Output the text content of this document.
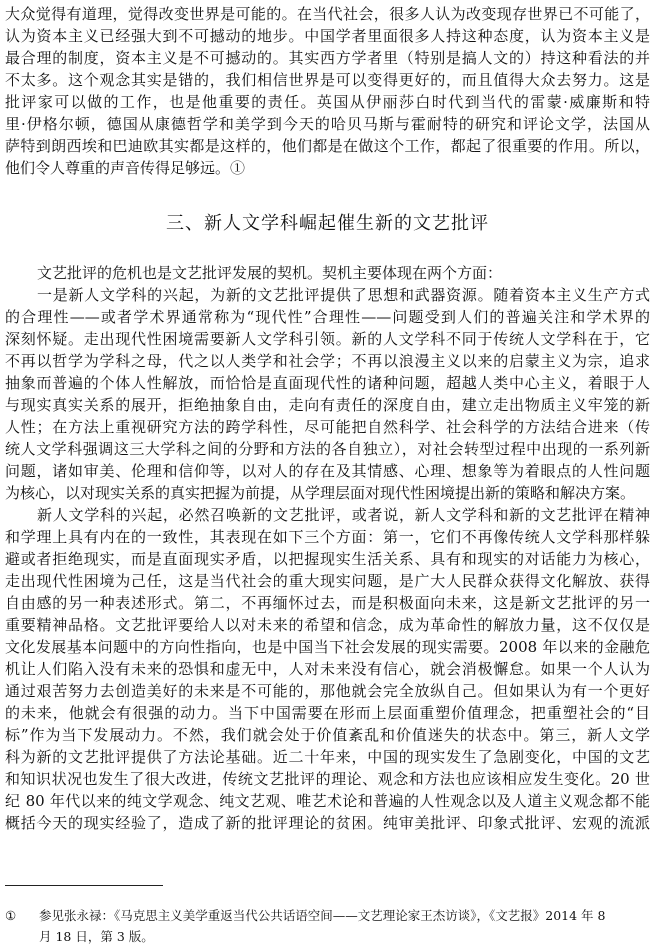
大众觉得有道理，觉得改变世界是可能的。在当代社会，很多人认为改变现存世界已不可能了，
认为资本主义已经强大到不可撼动的地步。中国学者里面很多人持这种态度，认为资本主义是
最合理的制度，资本主义是不可撼动的。其实西方学者里（特别是搞人文的）持这种看法的并
不太多。这个观念其实是错的，我们相信世界是可以变得更好的，而且值得大众去努力。这是
批评家可以做的工作，也是他重要的责任。英国从伊丽莎白时代到当代的雷蒙·威廉斯和特
里·伊格尔顿，德国从康德哲学和美学到今天的哈贝马斯与霍耐特的研究和评论文学，法国从
萨特到朗西埃和巴迪欧其实都是这样的，他们都是在做这个工作，都起了很重要的作用。所以，
他们令人尊重的声音传得足够远。①
三、新人文学科崛起催生新的文艺批评
文艺批评的危机也是文艺批评发展的契机。契机主要体现在两个方面：
一是新人文学科的兴起，为新的文艺批评提供了思想和武器资源。随着资本主义生产方式
的合理性——或者学术界通常称为“现代性”合理性——问题受到人们的普遍关注和学术界的
深刻怀疑。走出现代性困境需要新人文学科引领。新的人文学科不同于传统人文学科在于，它
不再以哲学为学科之母，代之以人类学和社会学；不再以浪漫主义以来的启蒙主义为宗，追求
抽象而普遍的个体人性解放，而恰恰是直面现代性的诸种问题，超越人类中心主义，着眼于人
与现实真实关系的展开，拒绝抽象自由，走向有责任的深度自由，建立走出物质主义牢笼的新
人性；在方法上重视研究方法的跨学科性，尽可能把自然科学、社会科学的方法结合进来（传
统人文学科强调这三大学科之间的分野和方法的各自独立），对社会转型过程中出现的一系列新
问题，诸如审美、伦理和信仰等，以对人的存在及其情感、心理、想象等为着眼点的人性问题
为核心，以对现实关系的真实把握为前提，从学理层面对现代性困境提出新的策略和解决方案。
新人文学科的兴起，必然召唤新的文艺批评，或者说，新人文学科和新的文艺批评在精神
和学理上具有内在的一致性，其表现在如下三个方面：第一，它们不再像传统人文学科那样躲
避或者拒绝现实，而是直面现实矛盾，以把握现实生活关系、具有和现实的对话能力为核心，
走出现代性困境为己任，这是当代社会的重大现实问题，是广大人民群众获得文化解放、获得
自由感的另一种表述形式。第二，不再缅怀过去，而是积极面向未来，这是新文艺批评的另一
重要精神品格。文艺批评要给人以对未来的希望和信念，成为革命性的解放力量，这不仅仅是
文化发展基本问题中的方向性指向，也是中国当下社会发展的现实需要。2008 年以来的金融危
机让人们陷入没有未来的恐惧和虚无中，人对未来没有信心，就会消极懈怠。如果一个人认为
通过艰苦努力去创造美好的未来是不可能的，那他就会完全放纵自己。但如果认为有一个更好
的未来，他就会有很强的动力。当下中国需要在形而上层面重塑价值理念，把重塑社会的“目
标”作为当下发展动力。不然，我们就会处于价值紊乱和价值迷失的状态中。第三，新人文学
科为新的文艺批评提供了方法论基础。近二十年来，中国的现实发生了急剧变化，中国的文艺
和知识状况也发生了很大改进，传统文艺批评的理论、观念和方法也应该相应发生变化。20 世
纪 80 年代以来的纯文学观念、纯文艺观、唯艺术论和普遍的人性观念以及人道主义观念都不能
概括今天的现实经验了，造成了新的批评理论的贫困。纯审美批评、印象式批评、宏观的流派
① 参见张永禄：《马克思主义美学重返当代公共话语空间——文艺理论家王杰访谈》，《文艺报》2014 年 8
月 18 日，第 3 版。
